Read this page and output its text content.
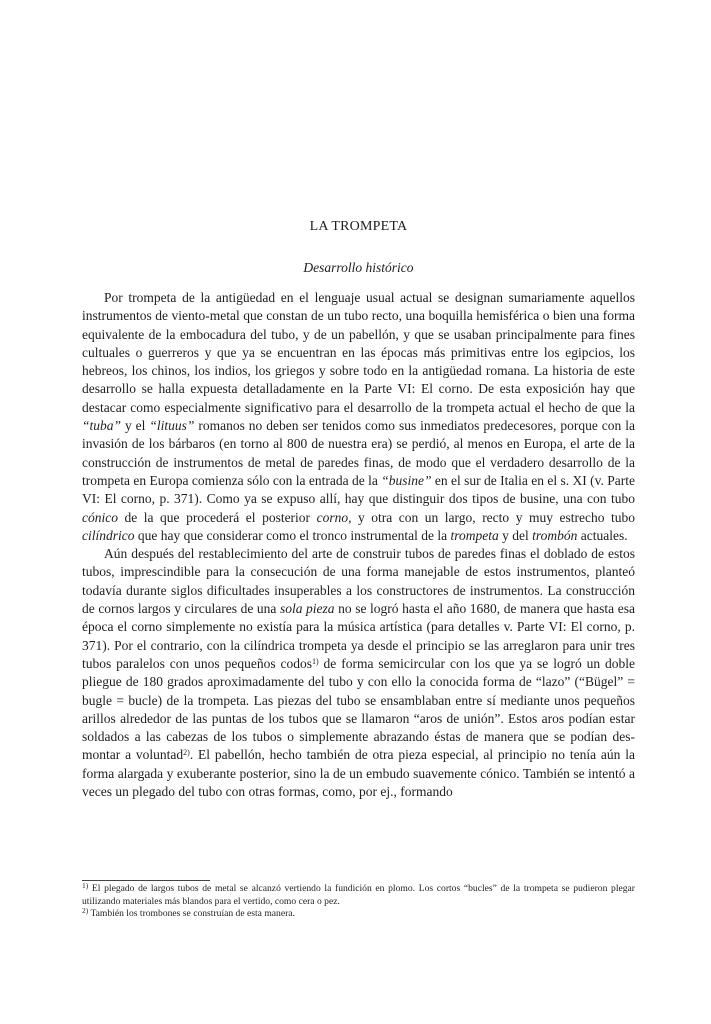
LA TROMPETA
Desarrollo histórico

Por trompeta de la antigüedad en el lenguaje usual actual se designan sumariamente aquellos instrumentos de viento-metal que constan de un tubo recto, una boquilla hemisférica o bien una forma equivalente de la embocadura del tubo, y de un pabellón, y que se usaban principalmente para fines cultuales o guerreros y que ya se encuentran en las épocas más primitivas entre los egipcios, los hebreos, los chinos, los indios, los griegos y sobre todo en la antigüedad romana. La historia de este desarrollo se halla expuesta detalladamente en la Parte VI: El corno. De esta exposición hay que destacar como especialmente significativo para el desarrollo de la trompeta actual el hecho de que la “tuba” y el “lituus” romanos no deben ser tenidos como sus inmediatos predecesores, porque con la invasión de los bárbaros (en torno al 800 de nuestra era) se perdió, al menos en Europa, el arte de la construcción de instrumentos de metal de paredes finas, de modo que el verdadero desarrollo de la trompeta en Europa comienza sólo con la entrada de la “busine” en el sur de Italia en el s. XI (v. Parte VI: El corno, p. 371). Como ya se expuso allí, hay que distinguir dos tipos de busine, una con tubo cónico de la que procederá el posterior corno, y otra con un largo, recto y muy estrecho tubo cilíndrico que hay que considerar como el tronco instrumental de la trompeta y del trombón actuales.

Aún después del restablecimiento del arte de construir tubos de paredes finas el doblado de estos tubos, imprescindible para la consecución de una forma manejable de estos instrumentos, planteó todavía durante siglos dificultades insuperables a los constructores de instrumentos. La construcción de cornos largos y circulares de una sola pieza no se logró hasta el año 1680, de manera que hasta esa época el corno simplemente no existía para la música artística (para detalles v. Parte VI: El corno, p. 371). Por el contrario, con la cilíndrica trompeta ya desde el principio se las arreglaron para unir tres tubos paralelos con unos pequeños codos$^{1)}$ de forma semicircular con los que ya se logró un doble pliegue de 180 grados aproximadamente del tubo y con ello la conocida forma de “lazo” (“Bügel” = bugle = bucle) de la trompeta. Las piezas del tubo se ensamblaban entre sí mediante unos pequeños arillos alrededor de las puntas de los tubos que se llamaron “aros de unión”. Estos aros podían estar soldados a las cabezas de los tubos o simplemente abrazando éstas de manera que se podían desmontar a voluntad$^{2)}$. El pabellón, hecho también de otra pieza especial, al principio no tenía aún la forma alargada y exuberante posterior, sino la de un embudo suavemente cónico. También se intentó a veces un plegado del tubo con otras formas, como, por ej., formando

$^{1)}$ El plegado de largos tubos de metal se alcanzó vertiendo la fundición en plomo. Los cortos “bucles” de la trompeta se pudieron plegar utilizando materiales más blandos para el vertido, como cera o pez.

$^{2)}$ También los trombones se construían de esta manera.
